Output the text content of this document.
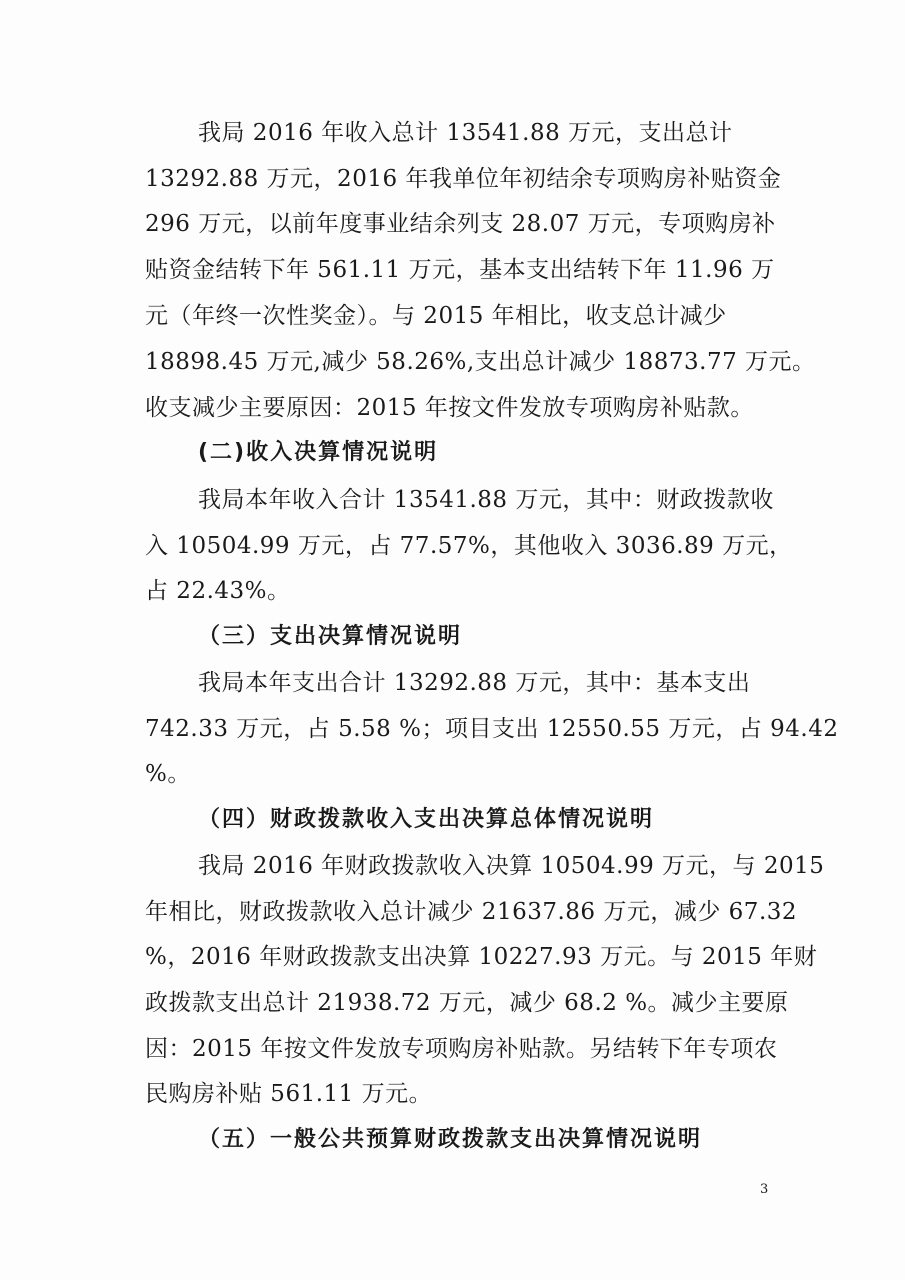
我局 2016 年收入总计 13541.88 万元，支出总计
13292.88 万元，2016 年我单位年初结余专项购房补贴资金
296 万元，以前年度事业结余列支 28.07 万元，专项购房补
贴资金结转下年 561.11 万元，基本支出结转下年 11.96 万
元（年终一次性奖金）。与 2015 年相比，收支总计减少
18898.45 万元,减少 58.26%,支出总计减少 18873.77 万元。
收支减少主要原因：2015 年按文件发放专项购房补贴款。
(二)收入决算情况说明
我局本年收入合计 13541.88 万元，其中：财政拨款收
入 10504.99 万元，占 77.57%，其他收入 3036.89 万元，
占 22.43%。
（三）支出决算情况说明
我局本年支出合计 13292.88 万元，其中：基本支出
742.33 万元，占 5.58 %；项目支出 12550.55 万元，占 94.42
%。
（四）财政拨款收入支出决算总体情况说明
我局 2016 年财政拨款收入决算 10504.99 万元，与 2015
年相比，财政拨款收入总计减少 21637.86 万元，减少 67.32
%，2016 年财政拨款支出决算 10227.93 万元。与 2015 年财
政拨款支出总计 21938.72 万元，减少 68.2 %。减少主要原
因：2015 年按文件发放专项购房补贴款。另结转下年专项农
民购房补贴 561.11 万元。
（五）一般公共预算财政拨款支出决算情况说明
3
